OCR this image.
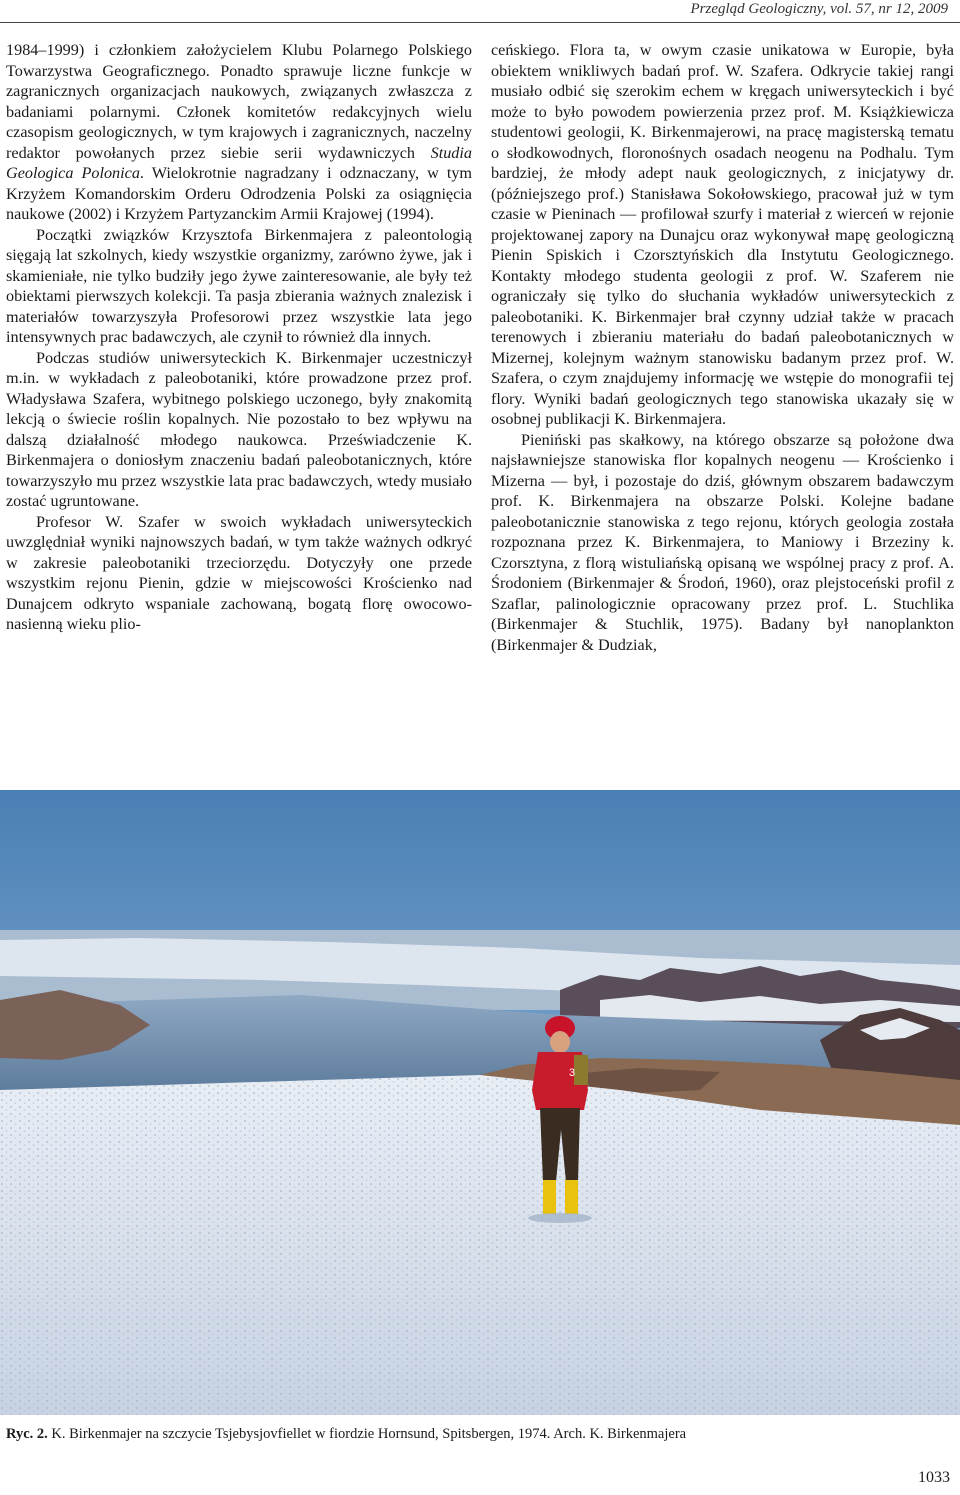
Przegląd Geologiczny, vol. 57, nr 12, 2009

1984–1999) i członkiem założycielem Klubu Polarnego Polskiego Towarzystwa Geograficznego. Ponadto sprawuje liczne funkcje w zagranicznych organizacjach naukowych, związanych zwłaszcza z badaniami polarnymi. Członek komitetów redakcyjnych wielu czasopism geologicznych, w tym krajowych i zagranicznych, naczelny redaktor powołanych przez siebie serii wydawniczych Studia Geologica Polonica. Wielokrotnie nagradzany i odznaczany, w tym Krzyżem Komandorskim Orderu Odrodzenia Polski za osiągnięcia naukowe (2002) i Krzyżem Partyzanckim Armii Krajowej (1994).

Początki związków Krzysztofa Birkenmajera z paleontologią sięgają lat szkolnych, kiedy wszystkie organizmy, zarówno żywe, jak i skamieniałe, nie tylko budziły jego żywe zainteresowanie, ale były też obiektami pierwszych kolekcji. Ta pasja zbierania ważnych znalezisk i materiałów towarzyszyła Profesorowi przez wszystkie lata jego intensywnych prac badawczych, ale czynił to również dla innych.

Podczas studiów uniwersyteckich K. Birkenmajer uczestniczył m.in. w wykładach z paleobotaniki, które prowadzone przez prof. Władysława Szafera, wybitnego polskiego uczonego, były znakomitą lekcją o świecie roślin kopalnych. Nie pozostało to bez wpływu na dalszą działalność młodego naukowca. Przeświadczenie K. Birkenmajera o doniosłym znaczeniu badań paleobotanicznych, które towarzyszyło mu przez wszystkie lata prac badawczych, wtedy musiało zostać ugruntowane.

Profesor W. Szafer w swoich wykładach uniwersyteckich uwzględniał wyniki najnowszych badań, w tym także ważnych odkryć w zakresie paleobotaniki trzeciorzędu. Dotyczyły one przede wszystkim rejonu Pienin, gdzie w miejscowości Krościenko nad Dunajcem odkryto wspaniale zachowaną, bogatą florę owocowo-nasienną wieku plio-

ceńskiego. Flora ta, w owym czasie unikatowa w Europie, była obiektem wnikliwych badań prof. W. Szafera. Odkrycie takiej rangi musiało odbić się szerokim echem w kręgach uniwersyteckich i być może to było powodem powierzenia przez prof. M. Książkiewicza studentowi geologii, K. Birkenmajerowi, na pracę magisterską tematu o słodkowodnych, floronośnych osadach neogenu na Podhalu. Tym bardziej, że młody adept nauk geologicznych, z inicjatywy dr. (późniejszego prof.) Stanisława Sokołowskiego, pracował już w tym czasie w Pieninach — profilował szurfy i materiał z wierceń w rejonie projektowanej zapory na Dunajcu oraz wykonywał mapę geologiczną Pienin Spiskich i Czorsztyńskich dla Instytutu Geologicznego. Kontakty młodego studenta geologii z prof. W. Szaferem nie ograniczały się tylko do słuchania wykładów uniwersyteckich z paleobotaniki. K. Birkenmajer brał czynny udział także w pracach terenowych i zbieraniu materiału do badań paleobotanicznych w Mizernej, kolejnym ważnym stanowisku badanym przez prof. W. Szafera, o czym znajdujemy informację we wstępie do monografii tej flory. Wyniki badań geologicznych tego stanowiska ukazały się w osobnej publikacji K. Birkenmajera.

Pieniński pas skałkowy, na którego obszarze są położone dwa najsławniejsze stanowiska flor kopalnych neogenu — Krościenko i Mizerna — był, i pozostaje do dziś, głównym obszarem badawczym prof. K. Birkenmajera na obszarze Polski. Kolejne badane paleobotanicznie stanowiska z tego rejonu, których geologia została rozpoznana przez K. Birkenmajera, to Maniowy i Brzeziny k. Czorsztyna, z florą wistuliańską opisaną we wspólnej pracy z prof. A. Środoniem (Birkenmajer & Środoń, 1960), oraz plejstoceński profil z Szaflar, palinologicznie opracowany przez prof. L. Stuchlika (Birkenmajer & Stuchlik, 1975). Badany był nanoplankton (Birkenmajer & Dudziak,

3
Ryc. 2. K. Birkenmajer na szczycie Tsjebysjovfiellet w fiordzie Hornsund, Spitsbergen, 1974. Arch. K. Birkenmajera
1033
